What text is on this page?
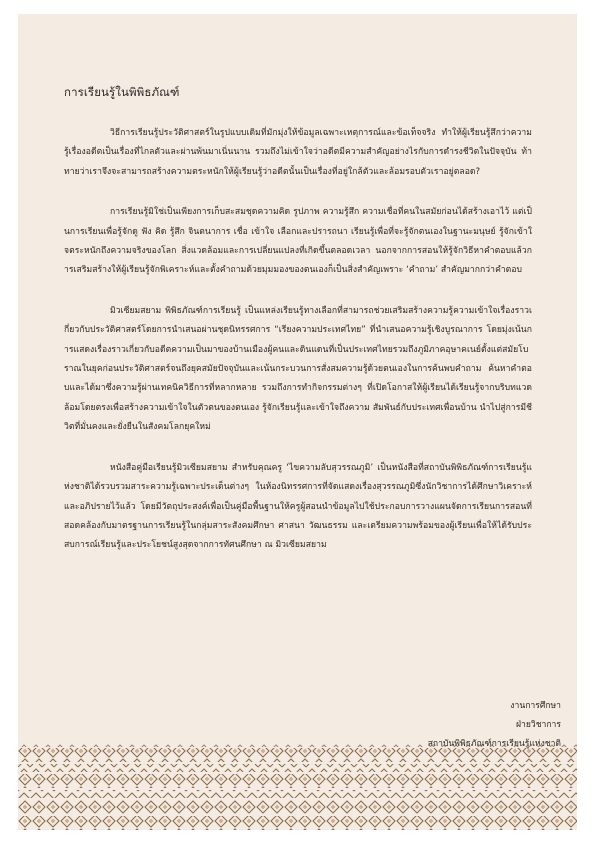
การเรียนรู้ในพิพิธภัณฑ์

วิธีการเรียนรู้ประวัติศาสตร์ในรูปแบบเดิมที่มักมุ่งให้ข้อมูลเฉพาะเหตุการณ์และข้อเท็จจริง ทำให้ผู้เรียนรู้สึกว่าความรู้เรื่องอดีตเป็นเรื่องที่ไกลตัวและผ่านพ้นมาเนิ่นนาน รวมถึงไม่เข้าใจว่าอดีตมีความสำคัญอย่างไรกับการดำรงชีวิตในปัจจุบัน ท้าทายว่าเราจึงจะสามารถสร้างความตระหนักให้ผู้เรียนรู้ว่าอดีตนั้นเป็นเรื่องที่อยู่ใกล้ตัวและล้อมรอบตัวเราอยู่ตลอด?

การเรียนรู้มิใช่เป็นเพียงการเก็บสะสมชุดความคิด รูปภาพ ความรู้สึก ความเชื่อที่คนในสมัยก่อนได้สร้างเอาไว้ แต่เป็นการเรียนเพื่อรู้จักดู ฟัง คิด รู้สึก จินตนาการ เชื่อ เข้าใจ เลือกและปรารถนา เรียนรู้เพื่อที่จะรู้จักตนเองในฐานะมนุษย์ รู้จักเข้าใจตระหนักถึงความจริงของโลก สิ่งแวดล้อมและการเปลี่ยนแปลงที่เกิดขึ้นตลอดเวลา นอกจากการสอนให้รู้จักวิธีหาคำตอบแล้วการเสริมสร้างให้ผู้เรียนรู้จักพิเคราะห์และตั้งคำถามด้วยมุมมองของตนเองก็เป็นสิ่งสำคัญเพราะ ‘คำถาม’ สำคัญมากกว่าคำตอบ

มิวเซียมสยาม พิพิธภัณฑ์การเรียนรู้ เป็นแหล่งเรียนรู้ทางเลือกที่สามารถช่วยเสริมสร้างความรู้ความเข้าใจเรื่องราวเกี่ยวกับประวัติศาสตร์โดยการนำเสนอผ่านชุดนิทรรศการ “เรียงความประเทศไทย” ที่นำเสนอความรู้เชิงบูรณาการ โดยมุ่งเน้นการแสดงเรื่องราวเกี่ยวกับอดีตความเป็นมาของบ้านเมืองผู้คนและดินแดนที่เป็นประเทศไทยรวมถึงภูมิภาคอุษาคเนย์ตั้งแต่สมัยโบราณในยุคก่อนประวัติศาสตร์จนถึงยุคสมัยปัจจุบันและเน้นกระบวนการสั่งสมความรู้ด้วยตนเองในการค้นพบคำถาม ค้นหาคำตอบและได้มาซึ่งความรู้ผ่านเทคนิควิธีการที่หลากหลาย รวมถึงการทำกิจกรรมต่างๆ ที่เปิดโอกาสให้ผู้เรียนได้เรียนรู้จากบริบทแวดล้อมโดยตรงเพื่อสร้างความเข้าใจในตัวตนของตนเอง รู้จักเรียนรู้และเข้าใจถึงความ สัมพันธ์กับประเทศเพื่อนบ้าน นำไปสู่การมีชีวิตที่มั่นคงและยั่งยืนในสังคมโลกยุคใหม่

หนังสือคู่มือเรียนรู้มิวเซียมสยาม สำหรับคุณครู ‘ไขความลับสุวรรณภูมิ’ เป็นหนังสือที่สถาบันพิพิธภัณฑ์การเรียนรู้แห่งชาติได้รวบรวมสาระความรู้เฉพาะประเด็นต่างๆ ในห้องนิทรรศการที่จัดแสดงเรื่องสุวรรณภูมิซึ่งนักวิชาการได้ศึกษาวิเคราะห์และอภิปรายไว้แล้ว โดยมีวัตถุประสงค์เพื่อเป็นคู่มือพื้นฐานให้ครูผู้สอนนำข้อมูลไปใช้ประกอบการวางแผนจัดการเรียนการสอนที่สอดคล้องกับมาตรฐานการเรียนรู้ในกลุ่มสาระสังคมศึกษา ศาสนา วัฒนธรรม และเตรียมความพร้อมของผู้เรียนเพื่อให้ได้รับประสบการณ์เรียนรู้และประโยชน์สูงสุดจากการทัศนศึกษา ณ มิวเซียมสยาม

งานการศึกษา
ฝ่ายวิชาการ
